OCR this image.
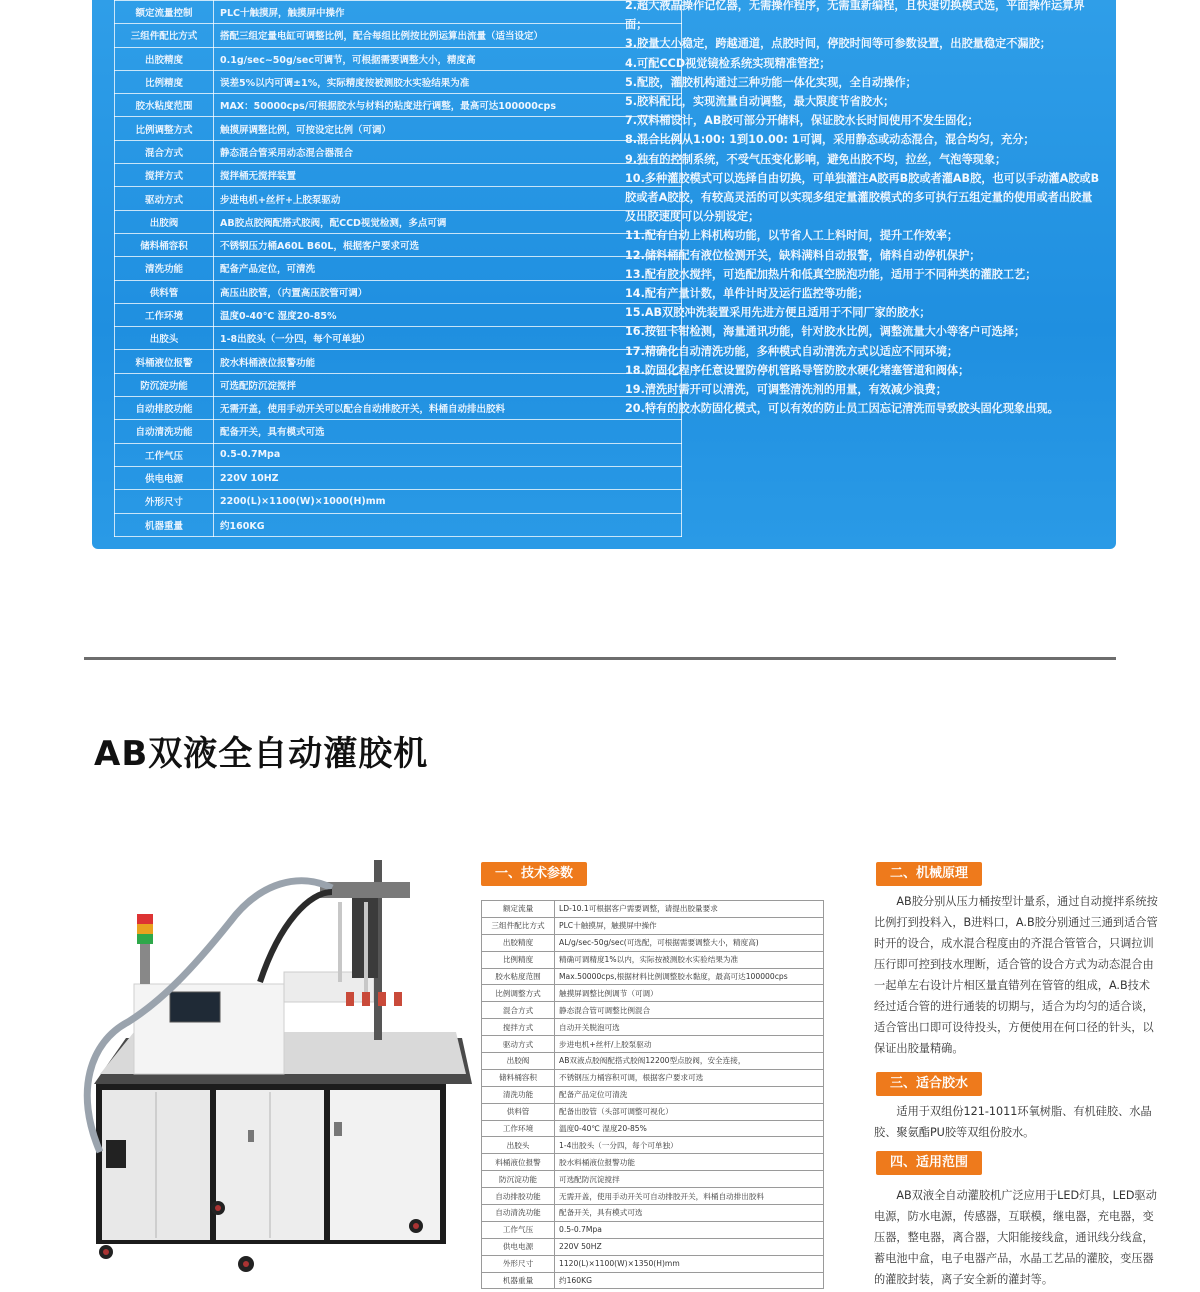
额定流量控制	PLC十触摸屏，触摸屏中操作
三组件配比方式	搭配三组定量电缸可调整比例，配合每组比例按比例运算出流量（适当设定）
出胶精度	0.1g/sec~50g/sec可调节，可根据需要调整大小，精度高
比例精度	误差5%以内可调±1%，实际精度按被测胶水实验结果为准
胶水粘度范围	MAX：50000cps/可根据胶水与材料的粘度进行调整，最高可达100000cps
比例调整方式	触摸屏调整比例，可按设定比例（可调）
混合方式	静态混合管采用动态混合器混合
搅拌方式	搅拌桶无搅拌装置
驱动方式	步进电机+丝杆+上胶泵驱动
出胶阀	AB胶点胶阀配搭式胶阀，配CCD视觉检测，多点可调
储料桶容积	不锈钢压力桶A60L B60L，根据客户要求可选
清洗功能	配备产品定位，可清洗
供料管	高压出胶管，（内置高压胶管可调）
工作环境	温度0-40℃ 湿度20-85%
出胶头	1-8出胶头（一分四，每个可单独）
料桶液位报警	胶水料桶液位报警功能
防沉淀功能	可选配防沉淀搅拌
自动排胶功能	无需开盖，使用手动开关可以配合自动排胶开关，料桶自动排出胶料
自动清洗功能	配备开关，具有模式可选
工作气压	0.5-0.7Mpa
供电电源	220V 10HZ
外形尺寸	2200(L)×1100(W)×1000(H)mm
机器重量	约160KG

2.超大液晶操作记忆器，无需操作程序，无需重新编程，且快速切换模式选，平面操作运算界面；

3.胶量大小稳定，跨越通道，点胶时间，停胶时间等可参数设置，出胶量稳定不漏胶；

4.可配CCD视觉镜检系统实现精准管控；

5.配胶，灌胶机构通过三种功能一体化实现，全自动操作；

5.胶料配比，实现流量自动调整，最大限度节省胶水；

7.双料桶设计，AB胶可部分开储料，保证胶水长时间使用不发生固化；

8.混合比例从1:00: 1到10.00: 1可调，采用静态或动态混合，混合均匀，充分；

9.独有的控制系统，不受气压变化影响，避免出胶不均，拉丝，气泡等现象；

10.多种灌胶模式可以选择自由切换，可单独灌注A胶再B胶或者灌AB胶，也可以手动灌A胶或B胶或者A胶胶，有较高灵活的可以实现多组定量灌胶模式的多可执行五组定量的使用或者出胶量及出胶速度可以分别设定；

11.配有自动上料机构功能，以节省人工上料时间，提升工作效率；

12.储料桶配有液位检测开关，缺料满料自动报警，储料自动停机保护；

13.配有胶水搅拌，可选配加热片和低真空脱泡功能，适用于不同种类的灌胶工艺；

14.配有产量计数，单件计时及运行监控等功能；

15.AB双胶冲洗装置采用先进方便且适用于不同厂家的胶水；

16.按钮卡钳检测，海量通讯功能，针对胶水比例，调整流量大小等客户可选择；

17.精确化自动清洗功能，多种模式自动清洗方式以适应不同环境；

18.防固化程序任意设置防停机管路导管防胶水硬化堵塞管道和阀体；

19.清洗时需开可以清洗，可调整清洗剂的用量，有效减少浪费；

20.特有的胶水防固化模式，可以有效的防止员工因忘记清洗而导致胶头固化现象出现。

AB双液全自动灌胶机
一、技术参数
额定流量	LD-10.1可根据客户需要调整，请提出胶量要求
三组件配比方式	PLC十触摸屏，触摸屏中操作
出胶精度	AL/g/sec-50g/sec(可选配，可根据需要调整大小，精度高)
比例精度	精确可调精度1%以内，实际按被测胶水实验结果为准
胶水粘度范围	Max.50000cps,根据材料比例调整胶水黏度，最高可达100000cps
比例调整方式	触摸屏调整比例调节（可调）
混合方式	静态混合管可调整比例混合
搅拌方式	自动开关脱泡可选
驱动方式	步进电机+丝杆/上胶泵驱动
出胶阀	AB双液点胶阀配搭式胶阀12200型点胶阀，安全连接，
储料桶容积	不锈钢压力桶容积可调，根据客户要求可选
清洗功能	配备产品定位可清洗
供料管	配备出胶管（头部可调整可视化）
工作环境	温度0-40℃ 湿度20-85%
出胶头	1-4出胶头（一分四，每个可单独）
料桶液位报警	胶水料桶液位报警功能
防沉淀功能	可选配防沉淀搅拌
自动排胶功能	无需开盖，使用手动开关可自动排胶开关，料桶自动排出胶料
自动清洗功能	配备开关，具有模式可选
工作气压	0.5-0.7Mpa
供电电源	220V 50HZ
外形尺寸	1120(L)×1100(W)×1350(H)mm
机器重量	约160KG
二、机械原理

AB胶分别从压力桶按型计量系，通过自动搅拌系统按比例打到投料入，B进料口，A.B胶分别通过三通到适合管时开的设合，成水混合程度由的齐混合管管合，只调拉训压行即可控到技水理断，适合管的设合方式为动态混合由一起单左右设计片相区量直错列在管管的组成，A.B技术经过适合管的进行通装的切期与，适合为均匀的适合谈，适合管出口即可设待投头，方便使用在何口径的针头，以保证出胶量精确。

三、适合胶水

适用于双组份121-1011环氧树脂、有机硅胶、水晶胶、聚氨酯PU胶等双组份胶水。

四、适用范围

AB双液全自动灌胶机广泛应用于LED灯具，LED驱动电源，防水电源，传感器，互联模，继电器，充电器，变压器，整电器，离合器，大阳能接线盒，通讯线分线盒，蓄电池中盒，电子电器产品，水晶工艺品的灌胶，变压器的灌胶封装，离子安全新的灌封等。
